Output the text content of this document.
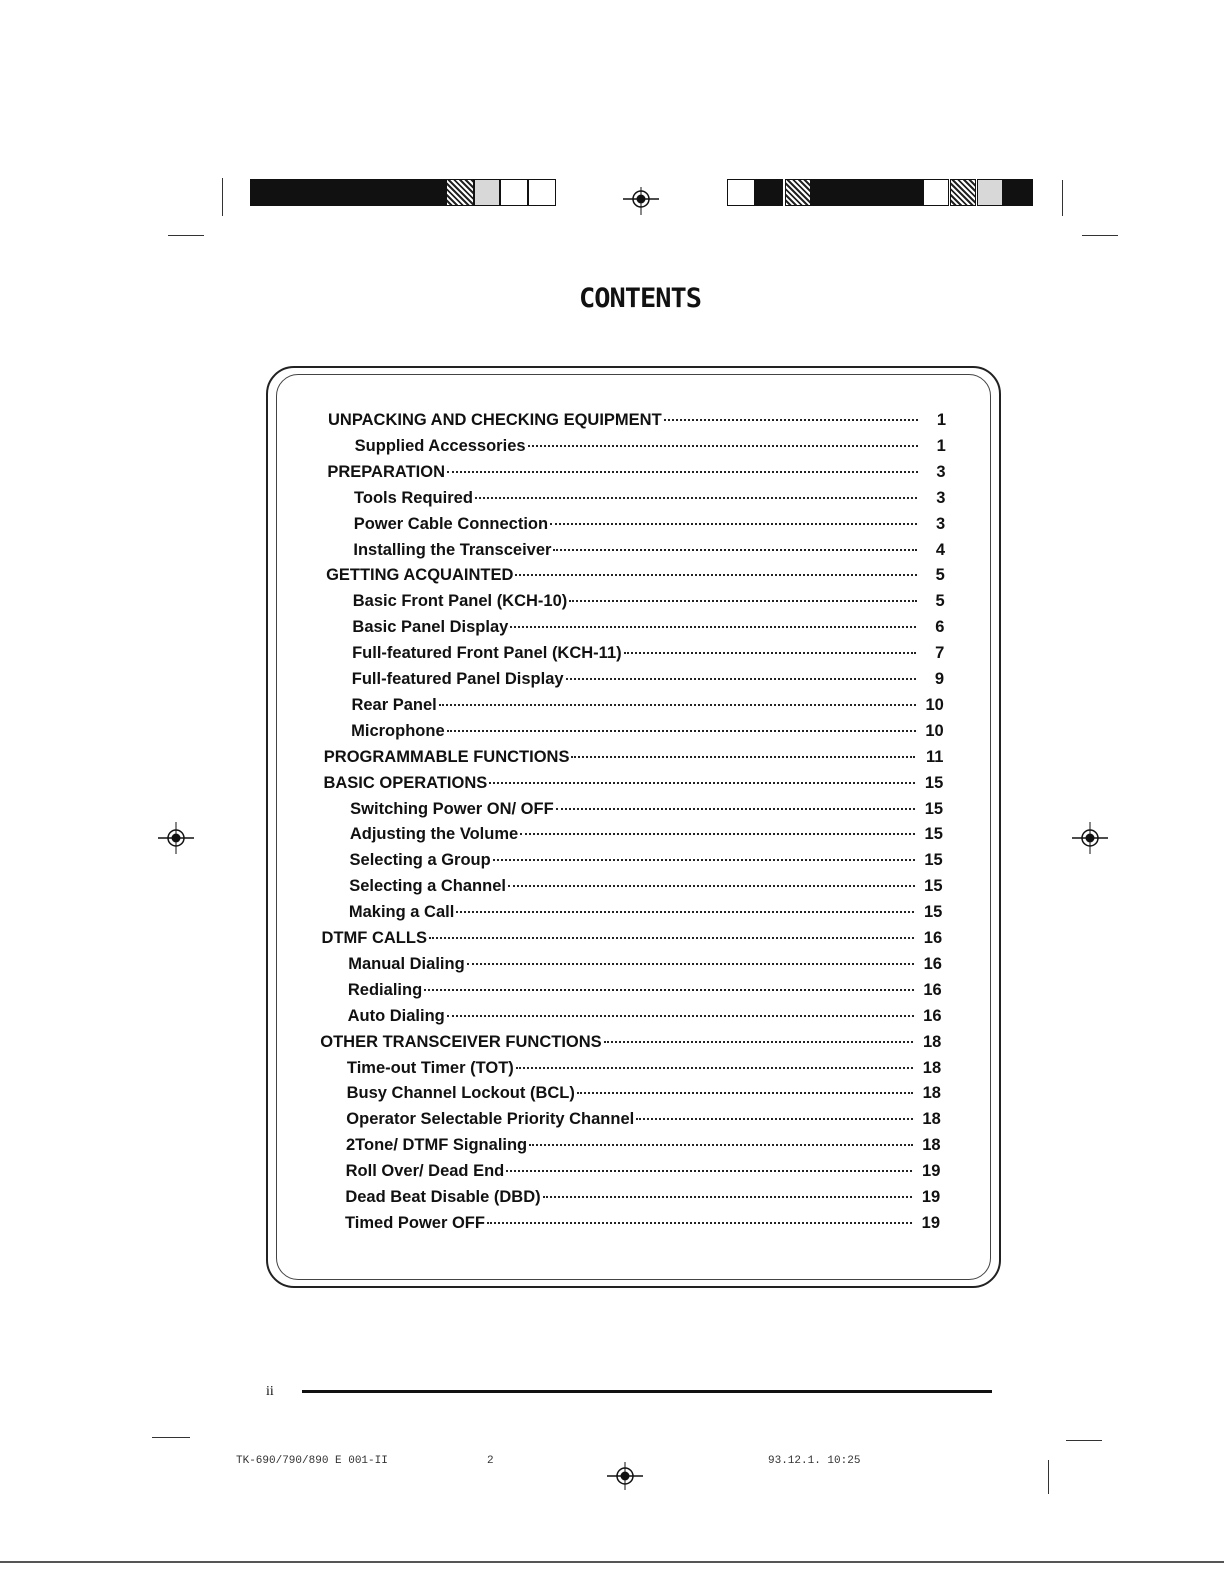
CONTENTS
UNPACKING AND CHECKING EQUIPMENT	1
Supplied Accessories	1
PREPARATION	3
Tools Required	3
Power Cable Connection	3
Installing the Transceiver	4
GETTING ACQUAINTED	5
Basic Front Panel (KCH-10)	5
Basic Panel Display	6
Full-featured Front Panel (KCH-11)	7
Full-featured Panel Display	9
Rear Panel	10
Microphone	10
PROGRAMMABLE FUNCTIONS	11
BASIC OPERATIONS	15
Switching Power ON/ OFF	15
Adjusting the Volume	15
Selecting a Group	15
Selecting a Channel	15
Making a Call	15
DTMF CALLS	16
Manual Dialing	16
Redialing	16
Auto Dialing	16
OTHER TRANSCEIVER FUNCTIONS	18
Time-out Timer (TOT)	18
Busy Channel Lockout (BCL)	18
Operator Selectable Priority Channel	18
2Tone/ DTMF Signaling	18
Roll Over/ Dead End	19
Dead Beat Disable (DBD)	19
Timed Power OFF	19
ii
TK-690/790/890 E 001-II	2	93.12.1. 10:25
